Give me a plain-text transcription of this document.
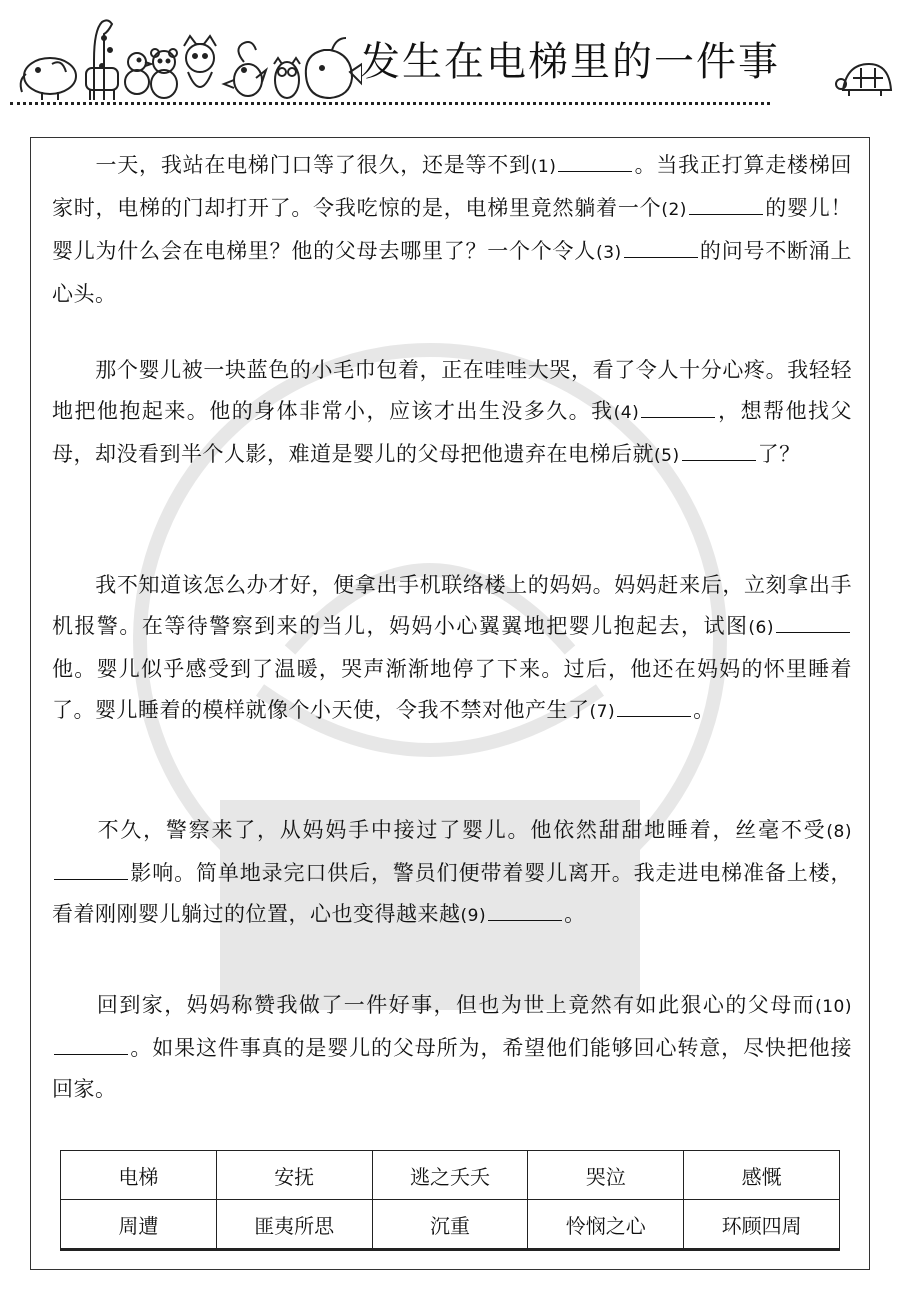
发生在电梯里的一件事
　　一天，我站在电梯门口等了很久，还是等不到(1)	。当我正打算走楼梯回家时，电梯的门却打开了。令我吃惊的是，电梯里竟然躺着一个(2)	的婴儿！婴儿为什么会在电梯里？他的父母去哪里了？一个个令人(3)	的问号不断涌上心头。
　　那个婴儿被一块蓝色的小毛巾包着，正在哇哇大哭，看了令人十分心疼。我轻轻地把他抱起来。他的身体非常小，应该才出生没多久。我(4)	，想帮他找父母，却没看到半个人影，难道是婴儿的父母把他遗弃在电梯后就(5)	了？
　　我不知道该怎么办才好，便拿出手机联络楼上的妈妈。妈妈赶来后，立刻拿出手机报警。在等待警察到来的当儿，妈妈小心翼翼地把婴儿抱起去，试图(6)他。婴儿似乎感受到了温暖，哭声渐渐地停了下来。过后，他还在妈妈的怀里睡着了。婴儿睡着的模样就像个小天使，令我不禁对他产生了(7)	。
　　不久，警察来了，从妈妈手中接过了婴儿。他依然甜甜地睡着，丝毫不受(8)影响。简单地录完口供后，警员们便带着婴儿离开。我走进电梯准备上楼，看着刚刚婴儿躺过的位置，心也变得越来越(9)	。
　　回到家，妈妈称赞我做了一件好事，但也为世上竟然有如此狠心的父母而(10)。如果这件事真的是婴儿的父母所为，希望他们能够回心转意，尽快把他接回家。
电梯	安抚	逃之夭夭	哭泣	感慨
周遭	匪夷所思	沉重	怜悯之心	环顾四周
